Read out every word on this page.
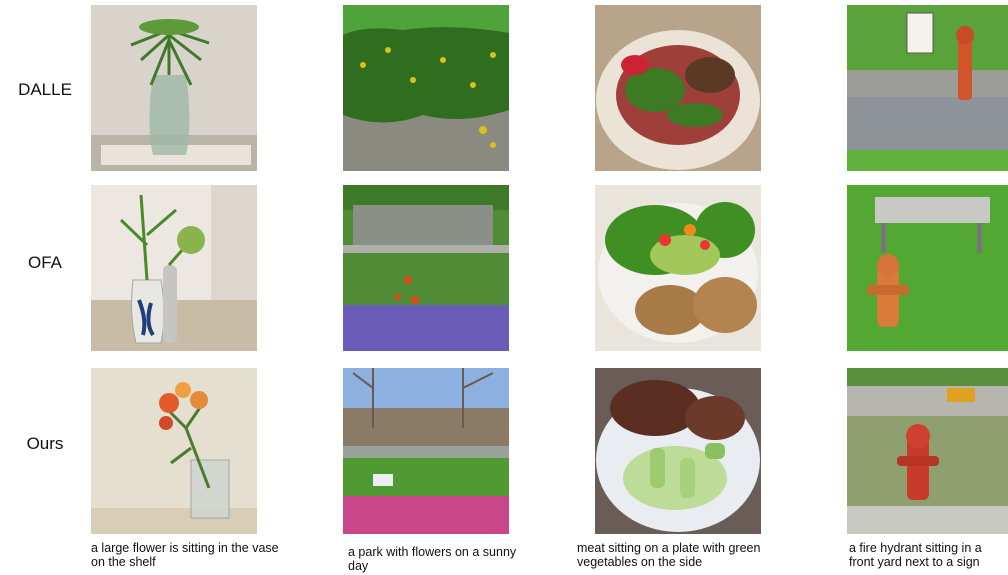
DALLE
OFA
Ours
a large flower is sitting in the vase on the shelf
a park with flowers on a sunny day
meat sitting on a plate with green vegetables on the side
a fire hydrant sitting in a front yard next to a sign
